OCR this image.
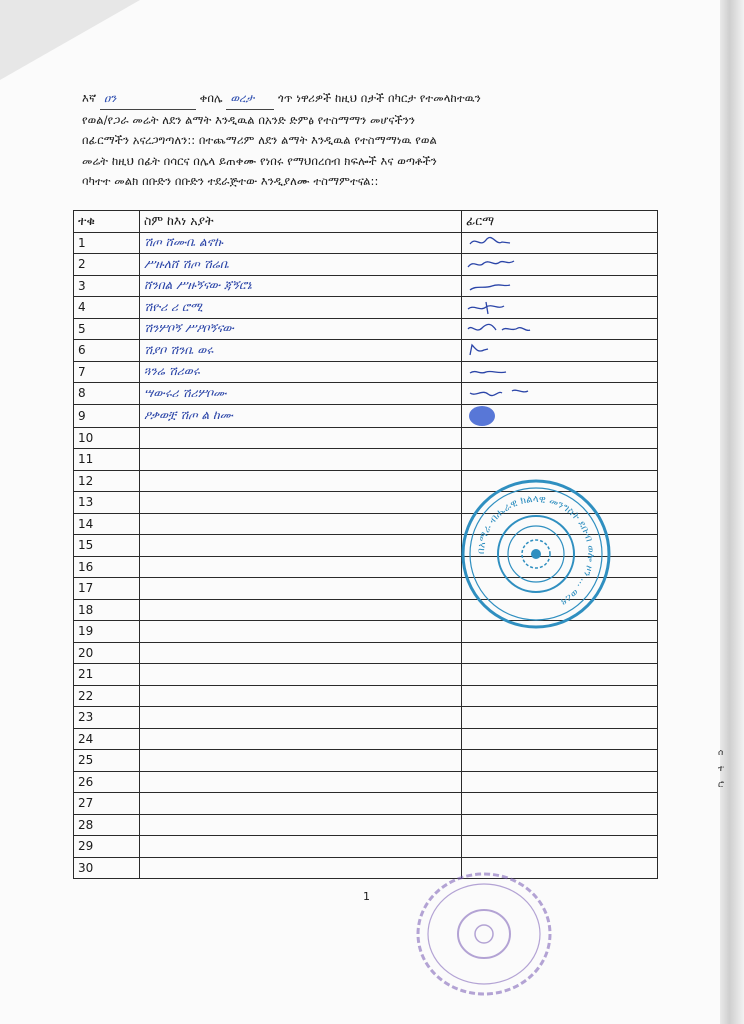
እኛ ዐን	ቀበሌ ወረታ ጎጥ ነዋሪዎች ከዚህ በታች በካርታ የተመላከተዉን
የወል/የጋራ መሬት ለደን ልማት እንዲዉል በአንድ ድምፅ የተስማማን መሆናችንን
በፊርማችን አናረጋግጣለን:: በተጨማሪም ለደን ልማት እንዲዉል የተስማማነዉ የወል
መሬት ከዚህ በፊት በሳርና በሌላ ይጠቀሙ የነበሩ የማህበረሰብ ክፍሎች እና ወጣቶችን
ባካተተ መልክ በቡድን በቡድን ተደራጅተው እንዲያለሙ ተስማምተናል::
ተቁ	ስም ከእነ አያት	ፊርማ
1	ሽጦ ሸሙቤ ልኖኩ	

2	ሥዙለሸ ሽጦ ሽሬቤ	

3	ሸንበል ሥዙኝናው ጃኝሮኔ	

4	ሽዮሪ ሪ ሮሚ	

5	ሽንሦቦኝ ሥዖቦኝናው	

6	ሽያቦ ሽንቤ ወሩ	

7	ጓንሬ ሽሪወሩ	

8	ሣውሩሪ ሽሪሦቦሙ	

9	ዖቃወቿ ሽጦ ል ከሙ	

10		
11		
12		
13		
14		
15		
16		
17		
18		
19		
20		
21		
22		
23		
24		
25		
26		
27		
28		
29		
30		
በአማራ ብሔራዊ ክልላዊ መንግስት ደቡብ ወሎ ዞን ... ወረዳ
1
ሰ
ተ
ሮ
